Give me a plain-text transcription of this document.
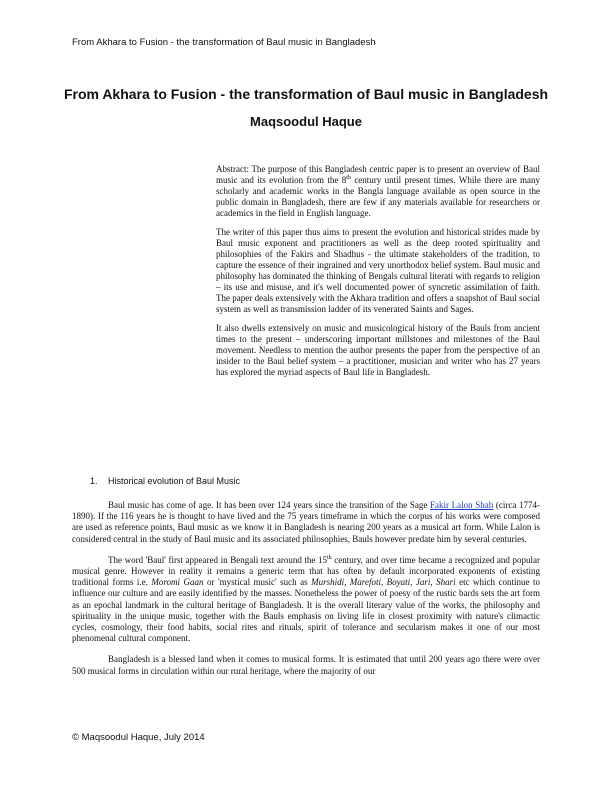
From Akhara to Fusion - the transformation of Baul music in Bangladesh
From Akhara to Fusion - the transformation of Baul music in Bangladesh
Maqsoodul Haque

Abstract: The purpose of this Bangladesh centric paper is to present an overview of Baul music and its evolution from the 8th century until present times. While there are many scholarly and academic works in the Bangla language available as open source in the public domain in Bangladesh, there are few if any materials available for researchers or academics in the field in English language.

The writer of this paper thus aims to present the evolution and historical strides made by Baul music exponent and practitioners as well as the deep rooted spirituality and philosophies of the Fakirs and Shadhus - the ultimate stakeholders of the tradition, to capture the essence of their ingrained and very unorthodox belief system. Baul music and philosophy has dominated the thinking of Bengals cultural literati with regards to religion – its use and misuse, and it's well documented power of syncretic assimilation of faith. The paper deals extensively with the Akhara tradition and offers a snapshot of Baul social system as well as transmission ladder of its venerated Saints and Sages.

It also dwells extensively on music and musicological history of the Bauls from ancient times to the present – underscoring important millstones and milestones of the Baul movement. Needless to mention the author presents the paper from the perspective of an insider to the Baul belief system – a practitioner, musician and writer who has 27 years has explored the myriad aspects of Baul life in Bangladesh.

1. Historical evolution of Baul Music

Baul music has come of age. It has been over 124 years since the transition of the Sage Fakir Lalon Shah (circa 1774-1890). If the 116 years he is thought to have lived and the 75 years timeframe in which the corpus of his works were composed are used as reference points, Baul music as we know it in Bangladesh is nearing 200 years as a musical art form. While Lalon is considered central in the study of Baul music and its associated philosophies, Bauls however predate him by several centuries.

The word 'Baul' first appeared in Bengali text around the 15th century, and over time became a recognized and popular musical genre. However in reality it remains a generic term that has often by default incorporated exponents of existing traditional forms i.e. Moromi Gaan or 'mystical music' such as Murshidi, Marefoti, Boyati, Jari, Shari etc which continue to influence our culture and are easily identified by the masses. Nonetheless the power of poesy of the rustic bards sets the art form as an epochal landmark in the cultural heritage of Bangladesh. It is the overall literary value of the works, the philosophy and spirituality in the unique music, together with the Bauls emphasis on living life in closest proximity with nature's climactic cycles, cosmology, their food habits, social rites and rituals, spirit of tolerance and secularism makes it one of our most phenomenal cultural component.

Bangladesh is a blessed land when it comes to musical forms. It is estimated that until 200 years ago there were over 500 musical forms in circulation within our rural heritage, where the majority of our

© Maqsoodul Haque, July 2014
